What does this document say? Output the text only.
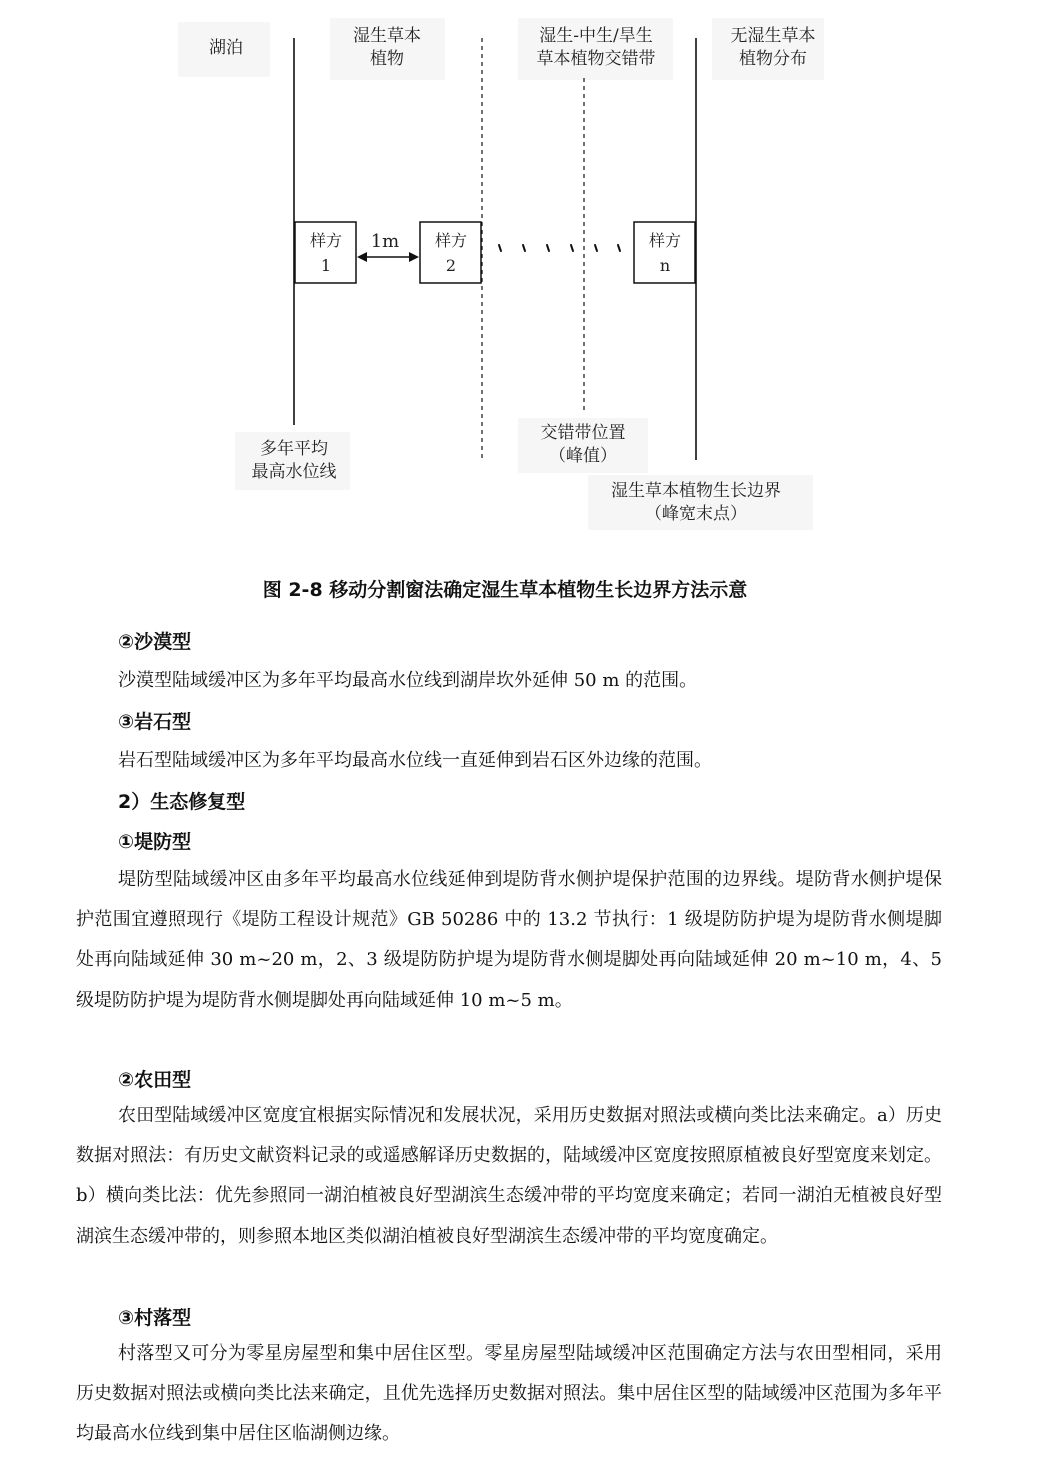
湖泊
湿生草本
植物
湿生-中生/旱生
草本植物交错带
无湿生草本
植物分布
样方
1
样方
2
样方
n
1m
多年平均
最高水位线
交错带位置
（峰值）
湿生草本植物生长边界
（峰宽末点）
图 2-8 移动分割窗法确定湿生草本植物生长边界方法示意
②沙漠型
沙漠型陆域缓冲区为多年平均最高水位线到湖岸坎外延伸 50 m 的范围。
③岩石型
岩石型陆域缓冲区为多年平均最高水位线一直延伸到岩石区外边缘的范围。
2）生态修复型
①堤防型
堤防型陆域缓冲区由多年平均最高水位线延伸到堤防背水侧护堤保护范围的边界线。堤防背水侧护堤保护范围宜遵照现行《堤防工程设计规范》GB 50286 中的 13.2 节执行：1 级堤防防护堤为堤防背水侧堤脚处再向陆域延伸 30 m~20 m，2、3 级堤防防护堤为堤防背水侧堤脚处再向陆域延伸 20 m~10 m，4、5 级堤防防护堤为堤防背水侧堤脚处再向陆域延伸 10 m~5 m。
②农田型
农田型陆域缓冲区宽度宜根据实际情况和发展状况，采用历史数据对照法或横向类比法来确定。a）历史数据对照法：有历史文献资料记录的或遥感解译历史数据的，陆域缓冲区宽度按照原植被良好型宽度来划定。b）横向类比法：优先参照同一湖泊植被良好型湖滨生态缓冲带的平均宽度来确定；若同一湖泊无植被良好型湖滨生态缓冲带的，则参照本地区类似湖泊植被良好型湖滨生态缓冲带的平均宽度确定。
③村落型
村落型又可分为零星房屋型和集中居住区型。零星房屋型陆域缓冲区范围确定方法与农田型相同，采用历史数据对照法或横向类比法来确定，且优先选择历史数据对照法。集中居住区型的陆域缓冲区范围为多年平均最高水位线到集中居住区临湖侧边缘。
